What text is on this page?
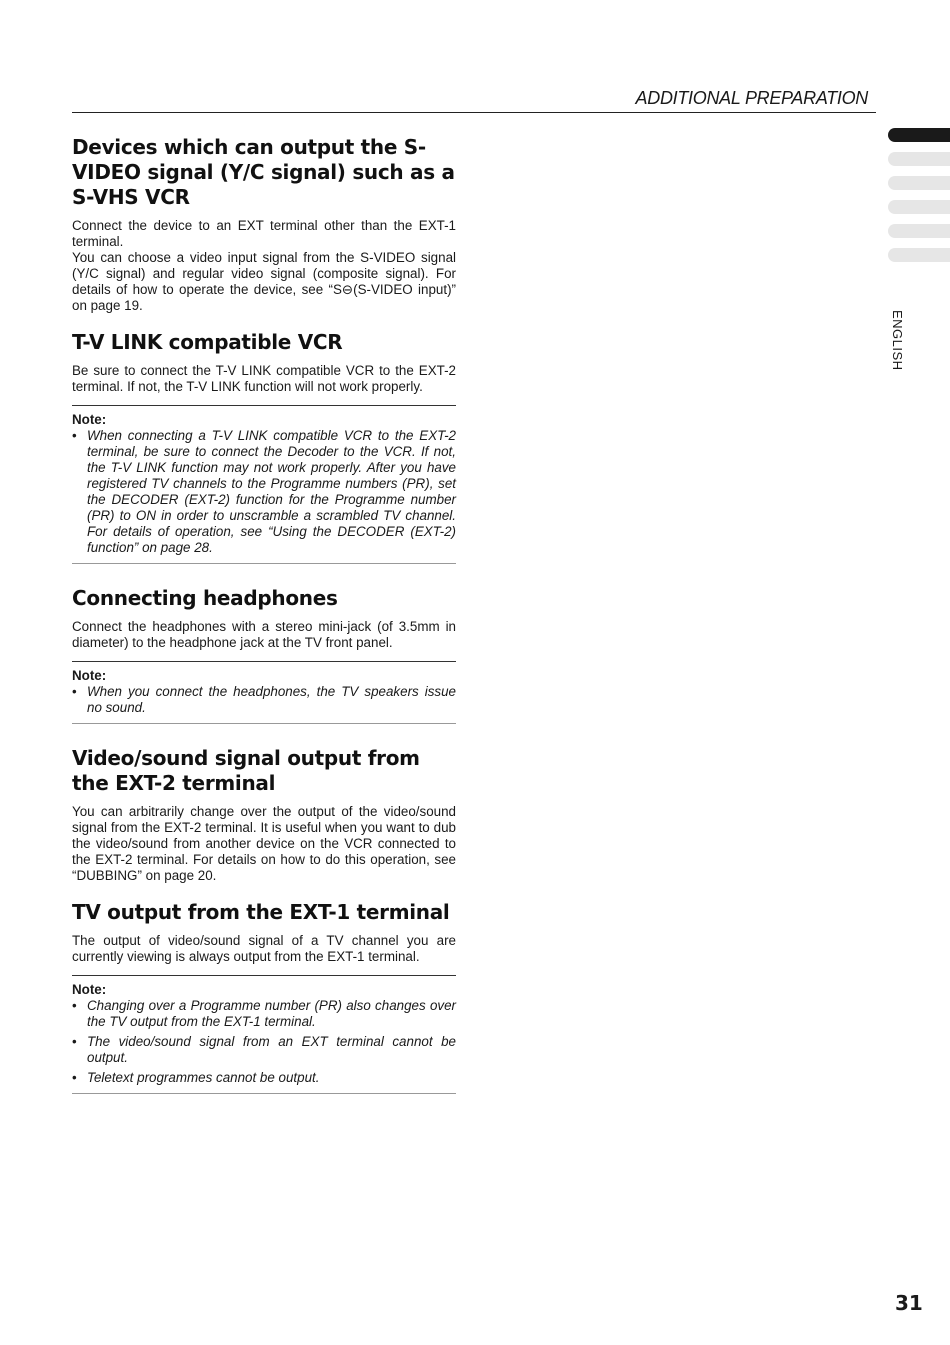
ADDITIONAL PREPARATION
ENGLISH
Devices which can output the S-VIDEO signal (Y/C signal) such as a S-VHS VCR

Connect the device to an EXT terminal other than the EXT-1 terminal.

You can choose a video input signal from the S-VIDEO signal (Y/C signal) and regular video signal (composite signal). For details of how to operate the device, see “S⊖(S-VIDEO input)” on page 19.

T-V LINK compatible VCR

Be sure to connect the T-V LINK compatible VCR to the EXT-2 terminal. If not, the T-V LINK function will not work properly.

Note:
• When connecting a T-V LINK compatible VCR to the EXT-2 terminal, be sure to connect the Decoder to the VCR. If not, the T-V LINK function may not work properly. After you have registered TV channels to the Programme numbers (PR), set the DECODER (EXT-2) function for the Programme number (PR) to ON in order to unscramble a scrambled TV channel. For details of operation, see “Using the DECODER (EXT-2) function” on page 28.
Connecting headphones

Connect the headphones with a stereo mini-jack (of 3.5mm in diameter) to the headphone jack at the TV front panel.

Note:
• When you connect the headphones, the TV speakers issue no sound.
Video/sound signal output from the EXT-2 terminal

You can arbitrarily change over the output of the video/sound signal from the EXT-2 terminal. It is useful when you want to dub the video/sound from another device on the VCR connected to the EXT-2 terminal. For details on how to do this operation, see “DUBBING” on page 20.

TV output from the EXT-1 terminal

The output of video/sound signal of a TV channel you are currently viewing is always output from the EXT-1 terminal.

Note:
• Changing over a Programme number (PR) also changes over the TV output from the EXT-1 terminal.
• The video/sound signal from an EXT terminal cannot be output.
• Teletext programmes cannot be output.
31
